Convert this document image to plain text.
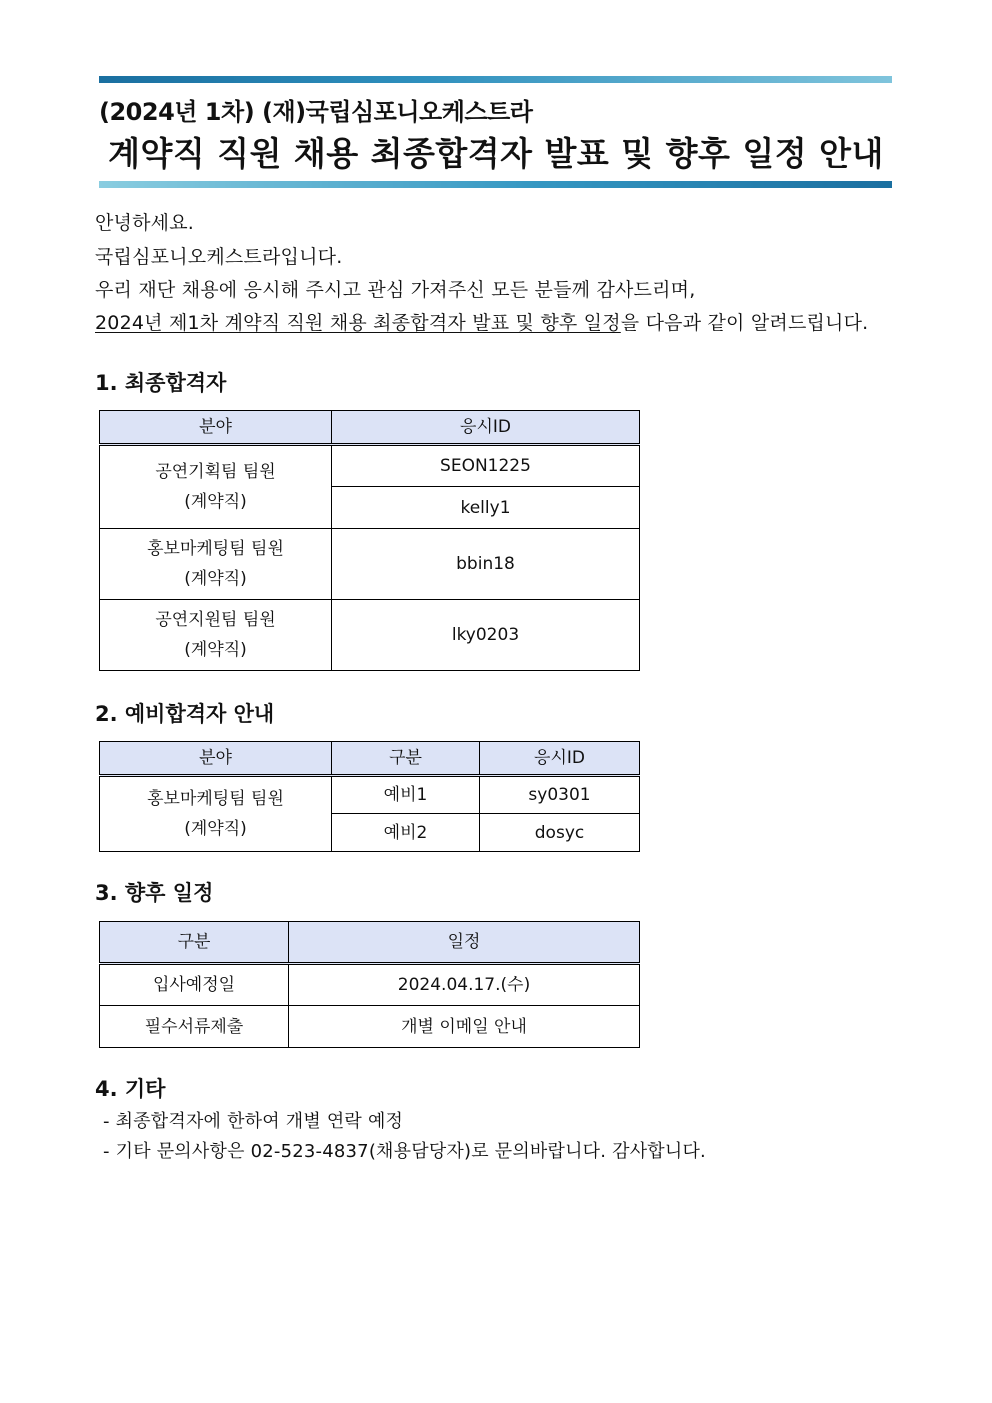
(2024년 1차) (재)국립심포니오케스트라
계약직 직원 채용 최종합격자 발표 및 향후 일정 안내
안녕하세요.
국립심포니오케스트라입니다.
우리 재단 채용에 응시해 주시고 관심 가져주신 모든 분들께 감사드리며,
2024년 제1차 계약직 직원 채용 최종합격자 발표 및 향후 일정을 다음과 같이 알려드립니다.
1. 최종합격자
분야	응시ID

공연기획팀 팀원
(계약직)	SEON1225
	kelly1

홍보마케팅팀 팀원
(계약직)	bbin18

공연지원팀 팀원
(계약직)	lky0203
2. 예비합격자 안내
분야	구분	응시ID

홍보마케팅팀 팀원
(계약직)	예비1	sy0301
	예비2	dosyc
3. 향후 일정
구분	일정
입사예정일	2024.04.17.(수)
필수서류제출	개별 이메일 안내
4. 기타
- 최종합격자에 한하여 개별 연락 예정
- 기타 문의사항은 02-523-4837(채용담당자)로 문의바랍니다. 감사합니다.
